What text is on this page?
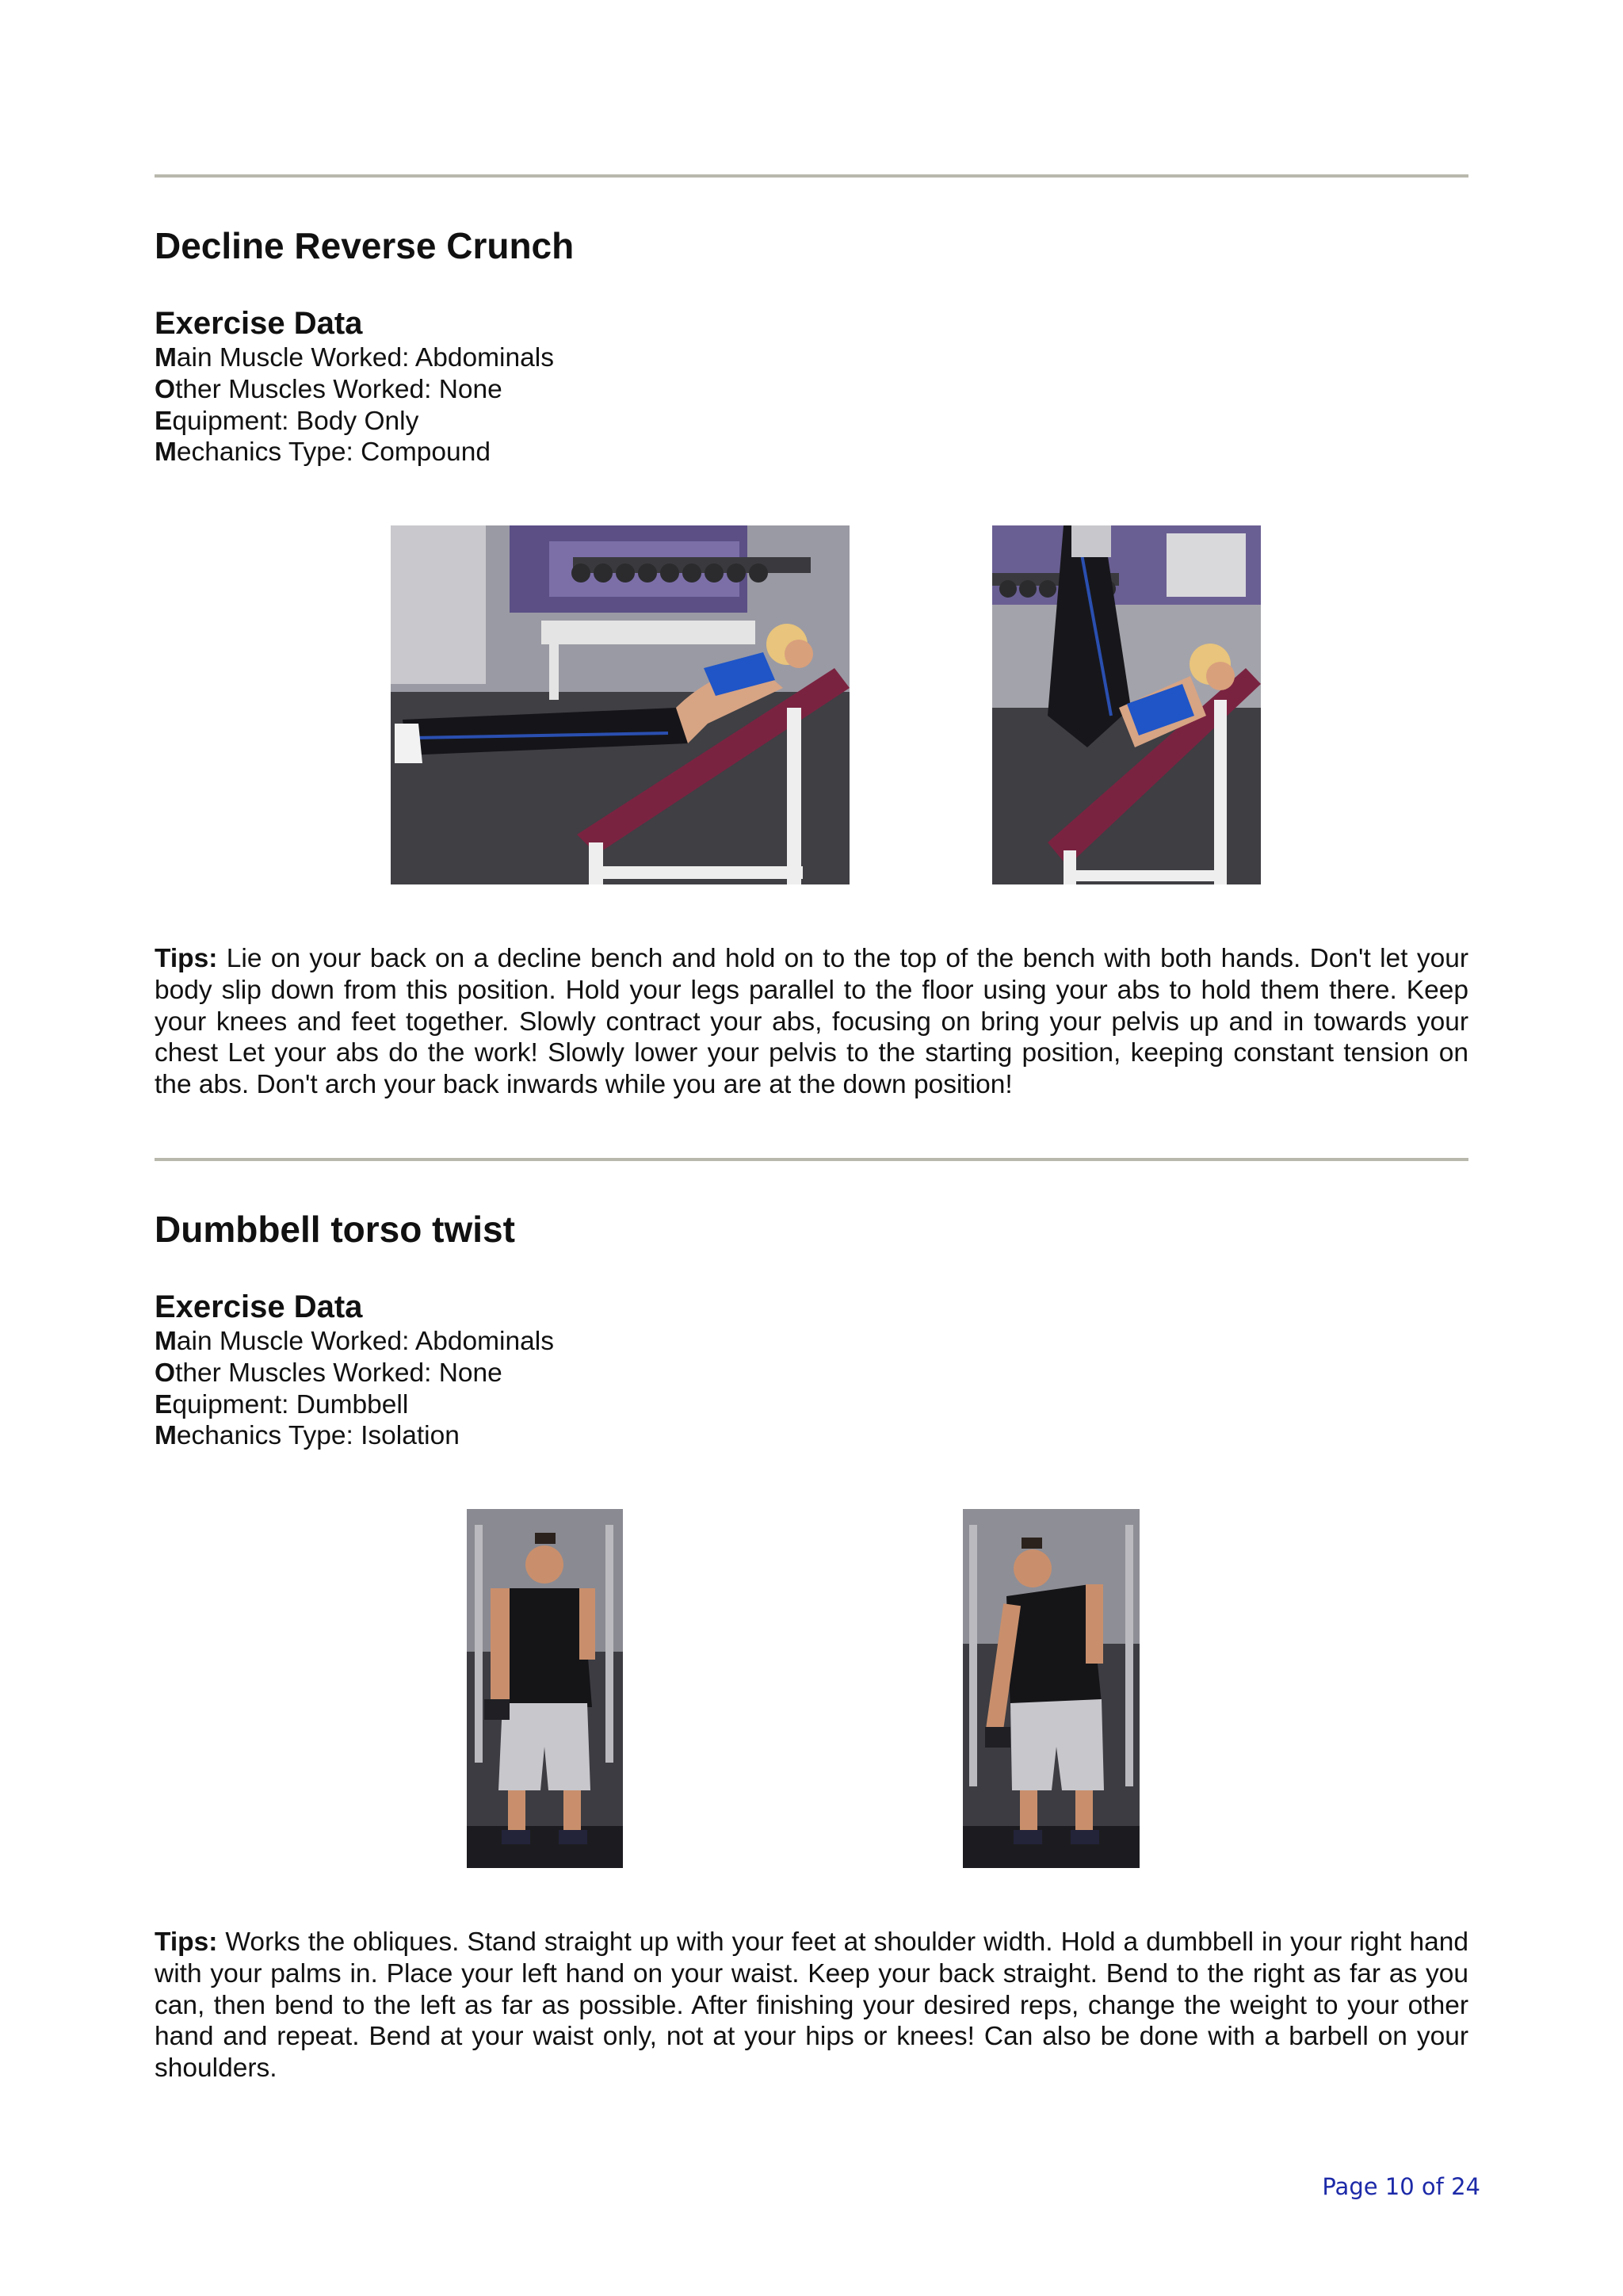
Decline Reverse Crunch
Exercise Data
Main Muscle Worked: Abdominals
Other Muscles Worked: None
Equipment: Body Only
Mechanics Type: Compound

Tips: Lie on your back on a decline bench and hold on to the top of the bench with both hands. Don't let your body slip down from this position. Hold your legs parallel to the floor using your abs to hold them there. Keep your knees and feet together. Slowly contract your abs, focusing on bring your pelvis up and in towards your chest Let your abs do the work! Slowly lower your pelvis to the starting position, keeping constant tension on the abs. Don't arch your back inwards while you are at the down position!

Dumbbell torso twist
Exercise Data
Main Muscle Worked: Abdominals
Other Muscles Worked: None
Equipment: Dumbbell
Mechanics Type: Isolation

Tips: Works the obliques. Stand straight up with your feet at shoulder width. Hold a dumbbell in your right hand with your palms in. Place your left hand on your waist. Keep your back straight. Bend to the right as far as you can, then bend to the left as far as possible. After finishing your desired reps, change the weight to your other hand and repeat. Bend at your waist only, not at your hips or knees! Can also be done with a barbell on your shoulders.

Page 10 of 24
